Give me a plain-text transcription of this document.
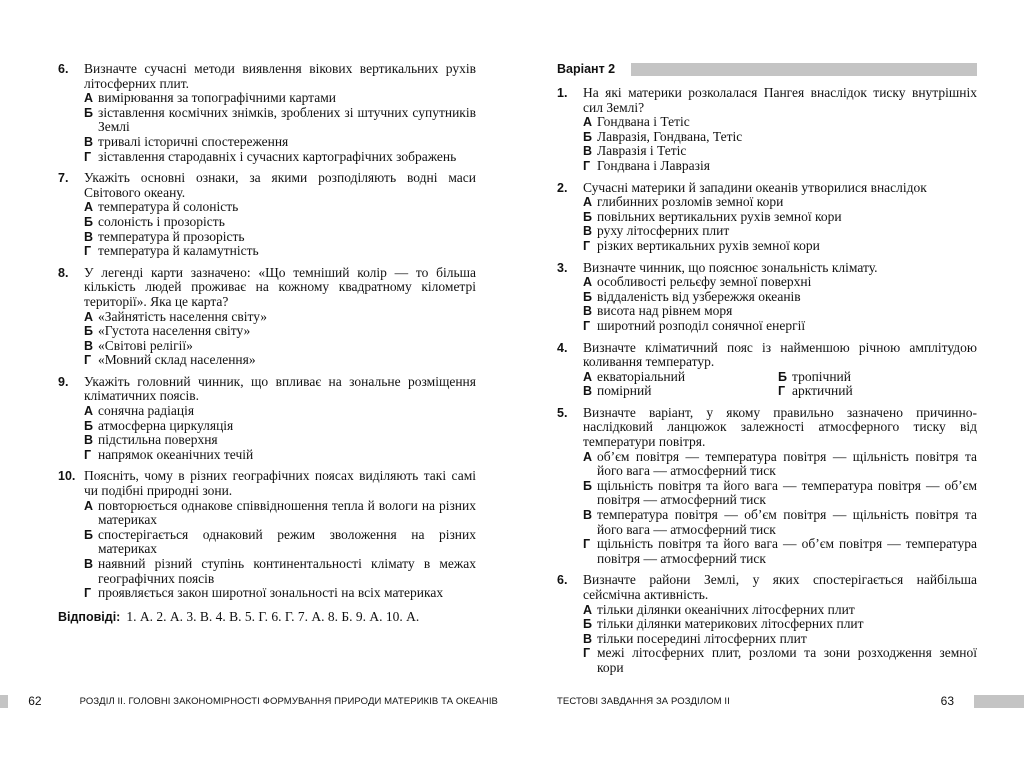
6.	Визначте сучасні методи виявлення вікових вертикальних рухів літосферних плит.
А вимірювання за топографічними картами
Б зіставлення космічних знімків, зроблених зі штучних супутників Землі
В тривалі історичні спостереження
Г зіставлення стародавніх і сучасних картографічних зображень
7.	Укажіть основні ознаки, за якими розподіляють водні маси Світового океану.
А температура й солоність
Б солоність і прозорість
В температура й прозорість
Г температура й каламутність
8.	У легенді карти зазначено: «Що темніший колір — то більша кількість людей проживає на кожному квадратному кілометрі території». Яка це карта?
А «Зайнятість населення світу»
Б «Густота населення світу»
В «Світові релігії»
Г «Мовний склад населення»
9.	Укажіть головний чинник, що впливає на зональне розміщення кліматичних поясів.
А сонячна радіація
Б атмосферна циркуляція
В підстильна поверхня
Г напрямок океанічних течій
10. Поясніть, чому в різних географічних поясах виділяють такі самі чи подібні природні зони.
А повторюється однакове співвідношення тепла й вологи на різних материках
Б спостерігається однаковий режим зволоження на різних материках
В наявний різний ступінь континентальності клімату в межах географічних поясів
Г проявляється закон широтної зональності на всіх материках
Відповіді: 1. А. 2. А. 3. В. 4. В. 5. Г. 6. Г. 7. А. 8. Б. 9. А. 10. А.
62	РОЗДІЛ II. ГОЛОВНІ ЗАКОНОМІРНОСТІ ФОРМУВАННЯ ПРИРОДИ МАТЕРИКІВ ТА ОКЕАНІВ
Варіант 2
1.	На які материки розколалася Пангея внаслідок тиску внутрішніх сил Землі?
А Гондвана і Тетіс
Б Лавразія, Гондвана, Тетіс
В Лавразія і Тетіс
Г Гондвана і Лавразія
2.	Сучасні материки й западини океанів утворилися внаслідок
А глибинних розломів земної кори
Б повільних вертикальних рухів земної кори
В руху літосферних плит
Г різких вертикальних рухів земної кори
3.	Визначте чинник, що пояснює зональність клімату.
А особливості рельєфу земної поверхні
Б віддаленість від узбережжя океанів
В висота над рівнем моря
Г широтний розподіл сонячної енергії
4.	Визначте кліматичний пояс із найменшою річною амплітудою коливання температур.
А екваторіальний	Б тропічний
В помірний	Г арктичний
5.	Визначте варіант, у якому правильно зазначено причинно-наслідковий ланцюжок залежності атмосферного тиску від температури повітря.
А об’єм повітря — температура повітря — щільність повітря та його вага — атмосферний тиск
Б щільність повітря та його вага — температура повітря — об’єм повітря — атмосферний тиск
В температура повітря — об’єм повітря — щільність повітря та його вага — атмосферний тиск
Г щільність повітря та його вага — об’єм повітря — температура повітря — атмосферний тиск
6.	Визначте райони Землі, у яких спостерігається найбільша сейсмічна активність.
А тільки ділянки океанічних літосферних плит
Б тільки ділянки материкових літосферних плит
В тільки посередині літосферних плит
Г межі літосферних плит, розломи та зони розходження земної кори
ТЕСТОВІ ЗАВДАННЯ ЗА РОЗДІЛОМ II	63
